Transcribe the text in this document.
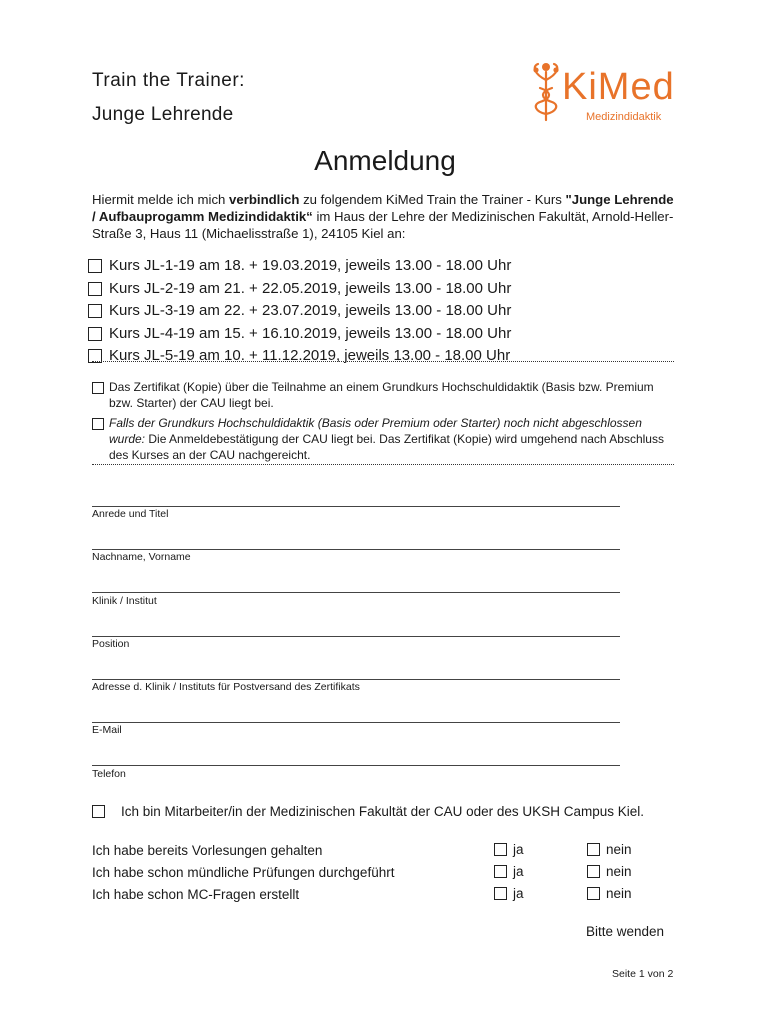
Train the Trainer:
Junge Lehrende
KiMed
Medizindidaktik
Anmeldung
Hiermit melde ich mich verbindlich zu folgendem KiMed Train the Trainer - Kurs "Junge Lehrende / Aufbauprogamm Medizindidaktik“ im Haus der Lehre der Medizinischen Fakultät, Arnold-Heller-Straße 3, Haus 11 (Michaelisstraße 1), 24105 Kiel an:
Kurs JL-1-19 am 18. + 19.03.2019, jeweils 13.00 - 18.00 Uhr
Kurs JL-2-19 am 21. + 22.05.2019, jeweils 13.00 - 18.00 Uhr
Kurs JL-3-19 am 22. + 23.07.2019, jeweils 13.00 - 18.00 Uhr
Kurs JL-4-19 am 15. + 16.10.2019, jeweils 13.00 - 18.00 Uhr
Kurs JL-5-19 am 10. + 11.12.2019, jeweils 13.00 - 18.00 Uhr
Das Zertifikat (Kopie) über die Teilnahme an einem Grundkurs Hochschuldidaktik (Basis bzw. Premium bzw. Starter) der CAU liegt bei.
Falls der Grundkurs Hochschuldidaktik (Basis oder Premium oder Starter) noch nicht abgeschlossen wurde: Die Anmeldebestätigung der CAU liegt bei. Das Zertifikat (Kopie) wird umgehend nach Abschluss des Kurses an der CAU nachgereicht.
Anrede und Titel
Nachname, Vorname
Klinik / Institut
Position
Adresse d. Klinik / Instituts für Postversand des Zertifikats
E-Mail
Telefon
Ich bin Mitarbeiter/in der Medizinischen Fakultät der CAU oder des UKSH Campus Kiel.
Ich habe bereits Vorlesungen gehalten	ja	nein
Ich habe schon mündliche Prüfungen durchgeführt	ja	nein
Ich habe schon MC-Fragen erstellt	ja	nein
Bitte wenden
Seite 1 von 2
